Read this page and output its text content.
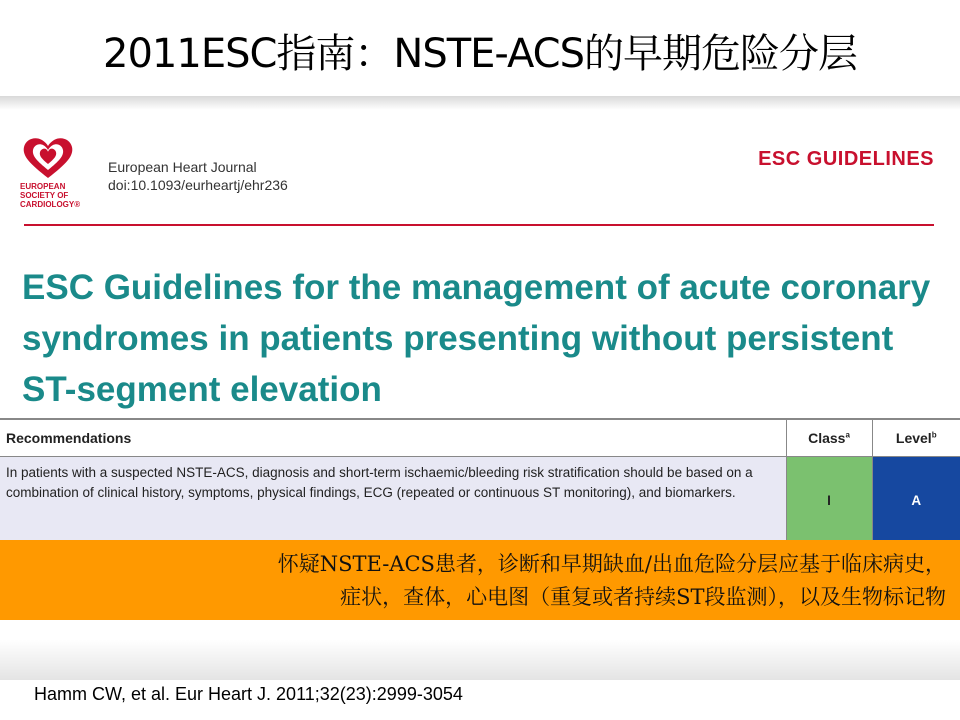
2011ESC指南：NSTE-ACS的早期危险分层
EUROPEAN SOCIETY OF CARDIOLOGY®
European Heart Journal
doi:10.1093/eurheartj/ehr236
ESC GUIDELINES
ESC Guidelines for the management of acute coronary syndromes in patients presenting without persistent ST-segment elevation
Recommendations	Class$^a$	Level$^b$
In patients with a suspected NSTE-ACS, diagnosis and short-term ischaemic/bleeding risk stratification should be based on a combination of clinical history, symptoms, physical findings, ECG (repeated or continuous ST monitoring), and biomarkers.	I	A
怀疑NSTE-ACS患者，诊断和早期缺血/出血危险分层应基于临床病史，
症状，查体，心电图（重复或者持续ST段监测），以及生物标记物
Hamm CW, et al. Eur Heart J. 2011;32(23):2999-3054
